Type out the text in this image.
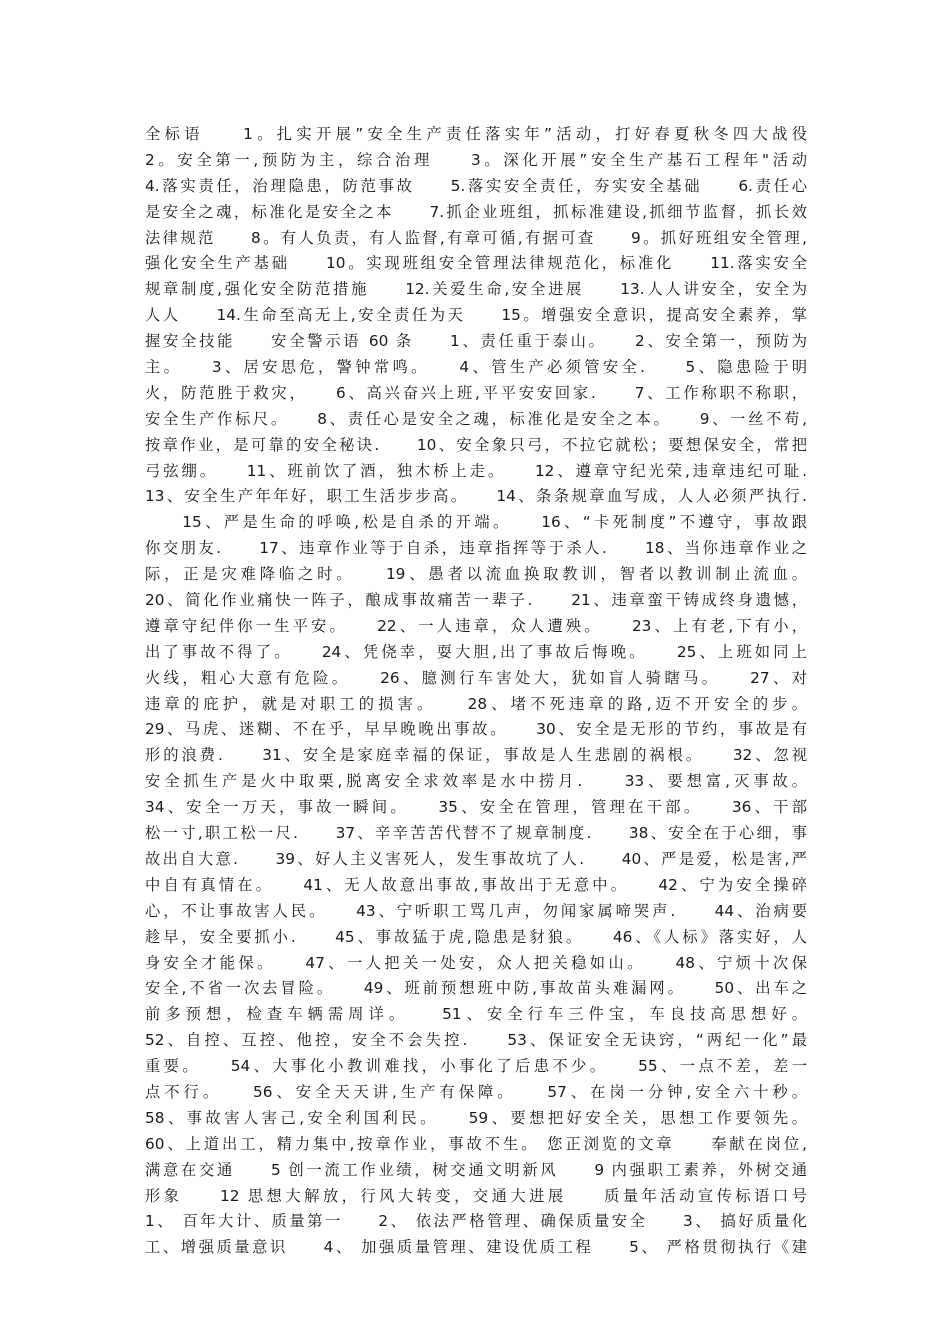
全标语　　1。扎实开展”安全生产责任落实年”活动，打好春夏秋冬四大战役
2。安全第一,预防为主，综合治理　　3。深化开展”安全生产基石工程年"活动
4.落实责任，治理隐患，防范事故　　5.落实安全责任，夯实安全基础　　6.责任心
是安全之魂，标准化是安全之本　　7.抓企业班组，抓标准建设,抓细节监督，抓长效
法律规范　　8。有人负责，有人监督,有章可循,有据可查　　9。抓好班组安全管理,
强化安全生产基础　　10。实现班组安全管理法律规范化，标准化　　11.落实安全
规章制度,强化安全防范措施　　12.关爱生命,安全进展　　13.人人讲安全，安全为
人人　　14.生命至高无上,安全责任为天　　15。增强安全意识，提高安全素养，掌
握安全技能　　安全警示语 60 条　　1、责任重于泰山。　　2、安全第一，预防为
主。　　3、居安思危，警钟常鸣。　　4、管生产必须管安全.　　5、隐患险于明
火，防范胜于救灾，　　6、高兴奋兴上班,平平安安回家.　　7、工作称职不称职，
安全生产作标尺。　　8、责任心是安全之魂，标准化是安全之本。　　9、一丝不苟,
按章作业，是可靠的安全秘诀.　　10、安全象只弓，不拉它就松；要想保安全，常把
弓弦绷。　　11、班前饮了酒，独木桥上走。　　12、遵章守纪光荣,违章违纪可耻.
13、安全生产年年好，职工生活步步高。　　14、条条规章血写成，人人必须严执行.
　　15、严是生命的呼唤,松是自杀的开端。　　16、“卡死制度”不遵守，事故跟
你交朋友.　　17、违章作业等于自杀，违章指挥等于杀人.　　18、当你违章作业之
际，正是灾难降临之时。　　19、愚者以流血换取教训，智者以教训制止流血。
20、简化作业痛快一阵子，酿成事故痛苦一辈子.　　21、违章蛮干铸成终身遗憾，
遵章守纪伴你一生平安。　　22、一人违章，众人遭殃。　　23、上有老,下有小，
出了事故不得了。　　24、凭侥幸，耍大胆,出了事故后悔晚。　　25、上班如同上
火线，粗心大意有危险。　　26、臆测行车害处大，犹如盲人骑瞎马。　　27、对
违章的庇护，就是对职工的损害。　　28、堵不死违章的路,迈不开安全的步。
29、马虎、迷糊、不在乎，早早晚晚出事故。　　30、安全是无形的节约，事故是有
形的浪费.　　31、安全是家庭幸福的保证，事故是人生悲剧的祸根。　　32、忽视
安全抓生产是火中取栗,脱离安全求效率是水中捞月.　　33、要想富,灭事故。
34、安全一万天，事故一瞬间。　　35、安全在管理，管理在干部。　　36、干部
松一寸,职工松一尺.　　37、辛辛苦苦代替不了规章制度.　　38、安全在于心细，事
故出自大意.　　39、好人主义害死人，发生事故坑了人.　　40、严是爱，松是害,严
中自有真情在。　　41、无人故意出事故,事故出于无意中。　　42、宁为安全操碎
心，不让事故害人民。　　43、宁听职工骂几声，勿闻家属啼哭声.　　44、治病要
趁早，安全要抓小.　　45、事故猛于虎,隐患是豺狼。　　46、《人标》落实好，人
身安全才能保。　　47、一人把关一处安，众人把关稳如山。　　48、宁烦十次保
安全,不省一次去冒险。　　49、班前预想班中防,事故苗头难漏网。　　50、出车之
前多预想，检查车辆需周详。　　51、安全行车三件宝，车良技高思想好。
52、自控、互控、他控，安全不会失控.　　53、保证安全无诀窍，“两纪一化”最
重要。　　54、大事化小教训难找，小事化了后患不少。　　55、一点不差，差一
点不行。　　56、安全天天讲,生产有保障。　　57、在岗一分钟,安全六十秒。
58、事故害人害己,安全利国利民。　　59、要想把好安全关，思想工作要领先。
60、上道出工，精力集中,按章作业，事故不生。 您正浏览的文章　　奉献在岗位,
满意在交通　　5 创一流工作业绩，树交通文明新风　　9 内强职工素养，外树交通
形象　　12 思想大解放，行风大转变，交通大进展　　质量年活动宣传标语口号
1、 百年大计、质量第一　　2、 依法严格管理、确保质量安全　　3、 搞好质量化
工、增强质量意识　　4、 加强质量管理、建设优质工程　　5、 严格贯彻执行《建
